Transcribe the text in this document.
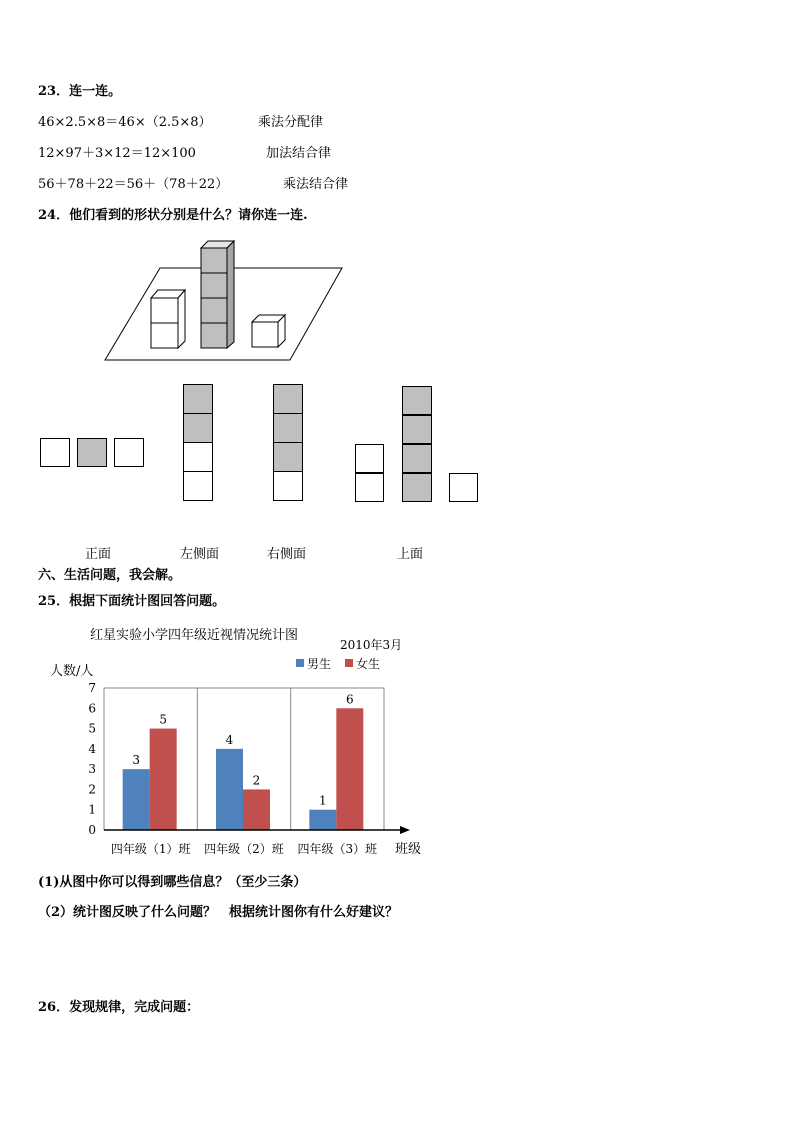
23．连一连。
46×2.5×8＝46×（2.5×8）	乘法分配律
12×97＋3×12＝12×100	加法结合律
56＋78＋22＝56＋（78＋22）	乘法结合律
24．他们看到的形状分别是什么？请你连一连.
正面	左侧面	右侧面	上面
六、生活问题，我会解。
25．根据下面统计图回答问题。
红星实验小学四年级近视情况统计图
2010年3月
人数/人
班级
男生 女生
3
4
1
5
2
6
0
1
2
3
4
5
6
7
四年级（1）班 四年级（2）班 四年级（3）班
(1)从图中你可以得到哪些信息？（至少三条）
（2）统计图反映了什么问题？　根据统计图你有什么好建议？
26．发现规律，完成问题：
